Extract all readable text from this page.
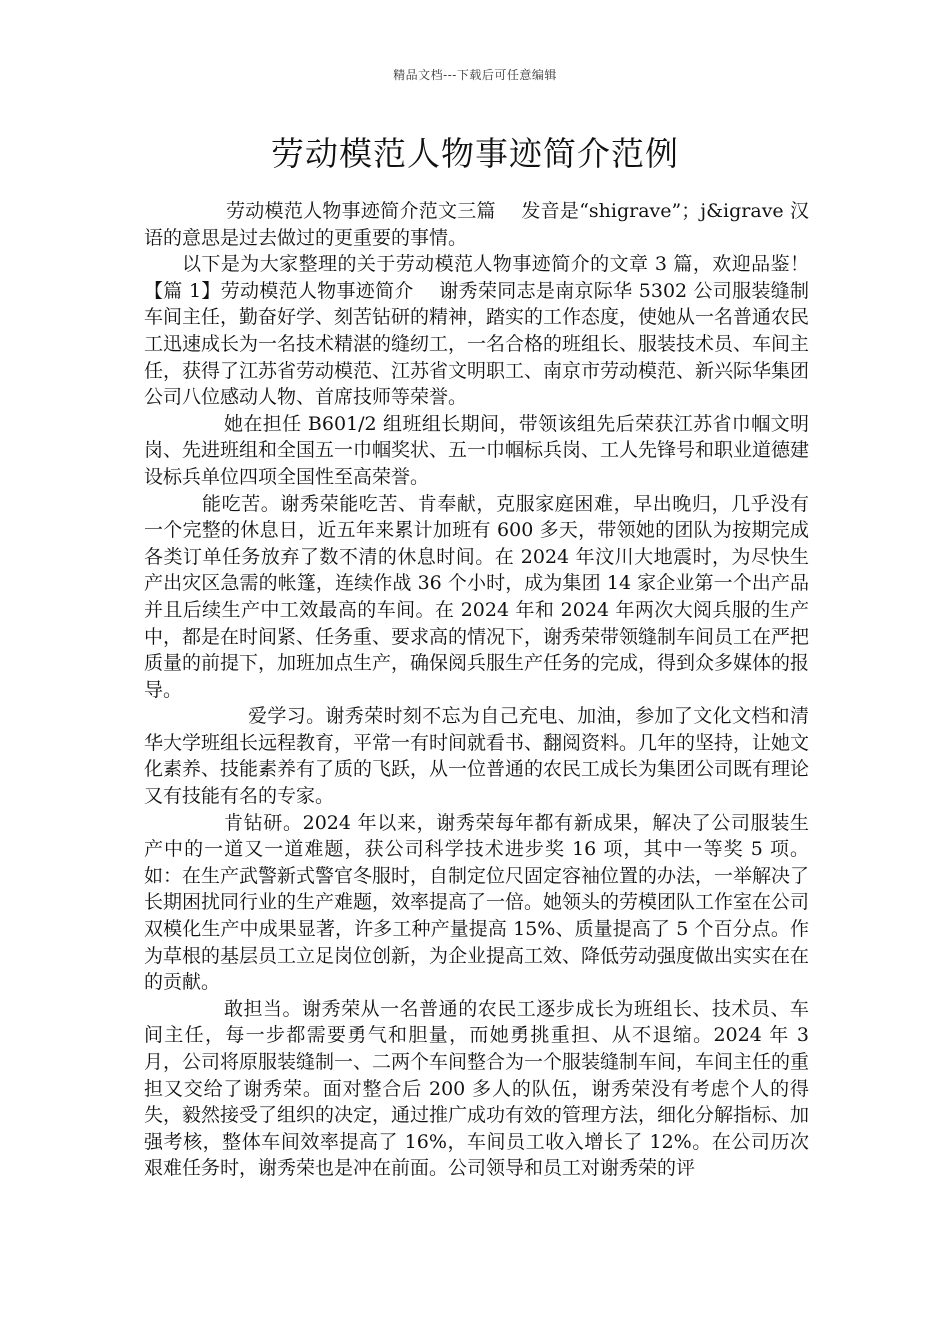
精品文档---下载后可任意编辑
劳动模范人物事迹简介范例

劳动模范人物事迹简介范文三篇　 发音是“shigrave”；j&igrave 汉语的意思是过去做过的更重要的事情。

以下是为大家整理的关于劳动模范人物事迹简介的文章 3 篇，欢迎品鉴！　【篇 1】劳动模范人物事迹简介　 谢秀荣同志是南京际华 5302 公司服装缝制车间主任，勤奋好学、刻苦钻研的精神，踏实的工作态度，使她从一名普通农民工迅速成长为一名技术精湛的缝纫工，一名合格的班组长、服装技术员、车间主任，获得了江苏省劳动模范、江苏省文明职工、南京市劳动模范、新兴际华集团公司八位感动人物、首席技师等荣誉。

她在担任 B601/2 组班组长期间，带领该组先后荣获江苏省巾帼文明岗、先进班组和全国五一巾帼奖状、五一巾帼标兵岗、工人先锋号和职业道德建设标兵单位四项全国性至高荣誉。

能吃苦。谢秀荣能吃苦、肯奉献，克服家庭困难，早出晚归，几乎没有一个完整的休息日，近五年来累计加班有 600 多天，带领她的团队为按期完成各类订单任务放弃了数不清的休息时间。在 2024 年汶川大地震时，为尽快生产出灾区急需的帐篷，连续作战 36 个小时，成为集团 14 家企业第一个出产品并且后续生产中工效最高的车间。在 2024 年和 2024 年两次大阅兵服的生产中，都是在时间紧、任务重、要求高的情况下，谢秀荣带领缝制车间员工在严把质量的前提下，加班加点生产，确保阅兵服生产任务的完成，得到众多媒体的报导。

爱学习。谢秀荣时刻不忘为自己充电、加油，参加了文化文档和清华大学班组长远程教育，平常一有时间就看书、翻阅资料。几年的坚持，让她文化素养、技能素养有了质的飞跃，从一位普通的农民工成长为集团公司既有理论又有技能有名的专家。

肯钻研。2024 年以来，谢秀荣每年都有新成果，解决了公司服装生产中的一道又一道难题，获公司科学技术进步奖 16 项，其中一等奖 5 项。如：在生产武警新式警官冬服时，自制定位尺固定容袖位置的办法，一举解决了长期困扰同行业的生产难题，效率提高了一倍。她领头的劳模团队工作室在公司双模化生产中成果显著，许多工种产量提高 15%、质量提高了 5 个百分点。作为草根的基层员工立足岗位创新，为企业提高工效、降低劳动强度做出实实在在的贡献。

敢担当。谢秀荣从一名普通的农民工逐步成长为班组长、技术员、车间主任，每一步都需要勇气和胆量，而她勇挑重担、从不退缩。2024 年 3 月，公司将原服装缝制一、二两个车间整合为一个服装缝制车间，车间主任的重担又交给了谢秀荣。面对整合后 200 多人的队伍，谢秀荣没有考虑个人的得失，毅然接受了组织的决定，通过推广成功有效的管理方法，细化分解指标、加强考核，整体车间效率提高了 16%，车间员工收入增长了 12%。在公司历次艰难任务时，谢秀荣也是冲在前面。公司领导和员工对谢秀荣的评
